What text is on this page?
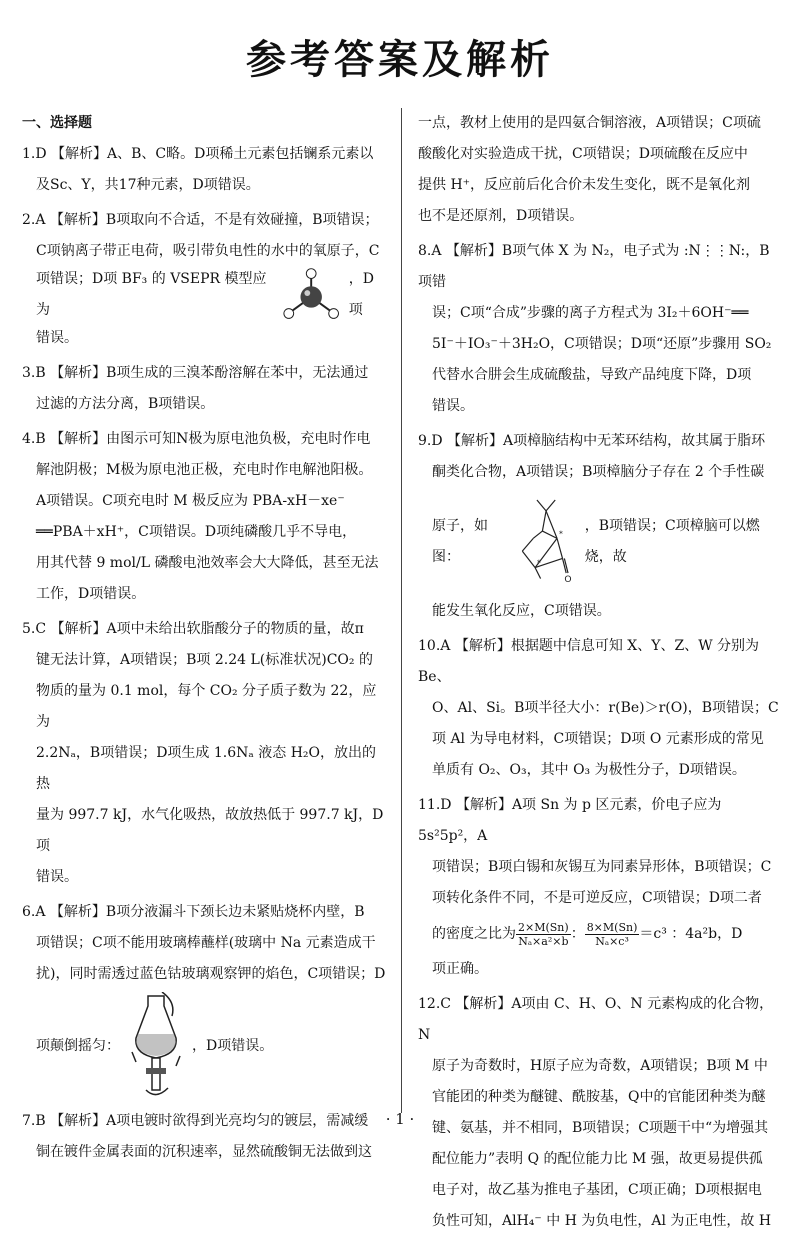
参考答案及解析
一、选择题

1.D 【解析】A、B、C略。D项稀土元素包括镧系元素以

及Sc、Y，共17种元素，D项错误。

2.A 【解析】B项取向不合适，不是有效碰撞，B项错误；

C项钠离子带正电荷，吸引带负电性的水中的氧原子，C

项错误；D项 BF₃ 的 VSEPR 模型应为
，D项

错误。

3.B 【解析】B项生成的三溴苯酚溶解在苯中，无法通过

过滤的方法分离，B项错误。

4.B 【解析】由图示可知N极为原电池负极，充电时作电

解池阴极；M极为原电池正极，充电时作电解池阳极。

A项错误。C项充电时 M 极反应为 PBA-xH－xe⁻

══PBA＋xH⁺，C项错误。D项纯磷酸几乎不导电，

用其代替 9 mol/L 磷酸电池效率会大大降低，甚至无法

工作，D项错误。

5.C 【解析】A项中未给出软脂酸分子的物质的量，故π

键无法计算，A项错误；B项 2.24 L(标准状况)CO₂ 的

物质的量为 0.1 mol，每个 CO₂ 分子质子数为 22，应为

2.2Nₐ，B项错误；D项生成 1.6Nₐ 液态 H₂O，放出的热

量为 997.7 kJ，水气化吸热，故放热低于 997.7 kJ，D项

错误。

6.A 【解析】B项分液漏斗下颈长边未紧贴烧杯内壁，B

项错误；C项不能用玻璃棒蘸样(玻璃中 Na 元素造成干

扰)，同时需透过蓝色钴玻璃观察钾的焰色，C项错误；D

项颠倒摇匀：	，D项错误。

7.B 【解析】A项电镀时欲得到光亮均匀的镀层，需减缓

铜在镀件金属表面的沉积速率，显然硫酸铜无法做到这

一点，教材上使用的是四氨合铜溶液，A项错误；C项硫

酸酸化对实验造成干扰，C项错误；D项硫酸在反应中

提供 H⁺，反应前后化合价未发生变化，既不是氧化剂

也不是还原剂，D项错误。

8.A 【解析】B项气体 X 为 N₂，电子式为 :N⋮⋮N:，B项错

误；C项“合成”步骤的离子方程式为 3I₂＋6OH⁻══

5I⁻＋IO₃⁻＋3H₂O，C项错误；D项“还原”步骤用 SO₂

代替水合肼会生成硫酸盐，导致产品纯度下降，D项

错误。

9.D 【解析】A项樟脑结构中无苯环结构，故其属于脂环

酮类化合物，A项错误；B项樟脑分子存在 2 个手性碳

原子，如图：
*
*
O
，B项错误；C项樟脑可以燃烧，故

能发生氧化反应，C项错误。

10.A 【解析】根据题中信息可知 X、Y、Z、W 分别为 Be、

O、Al、Si。B项半径大小：r(Be)＞r(O)，B项错误；C

项 Al 为导电材料，C项错误；D项 O 元素形成的常见

单质有 O₂、O₃，其中 O₃ 为极性分子，D项错误。

11.D 【解析】A项 Sn 为 p 区元素，价电子应为 5s²5p²，A

项错误；B项白锡和灰锡互为同素异形体，B项错误；C

项转化条件不同，不是可逆反应，C项错误；D项二者

的密度之比为 $\frac{2\times M(Sn)}{\text{Nₐ×a²×b}}$ ： $\frac{8\times M(Sn)}{\text{Nₐ×c³}} =c^3$ ：4a²b，D

项正确。

12.C 【解析】A项由 C、H、O、N 元素构成的化合物，N

原子为奇数时，H原子应为奇数，A项错误；B项 M 中

官能团的种类为醚键、酰胺基，Q中的官能团种类为醚

键、氨基，并不相同，B项错误；C项题干中“为增强其

配位能力”表明 Q 的配位能力比 M 强，故更易提供孤

电子对，故乙基为推电子基团，C项正确；D项根据电

负性可知，AlH₄⁻ 中 H 为负电性，Al 为正电性，故 H

· 1 ·
